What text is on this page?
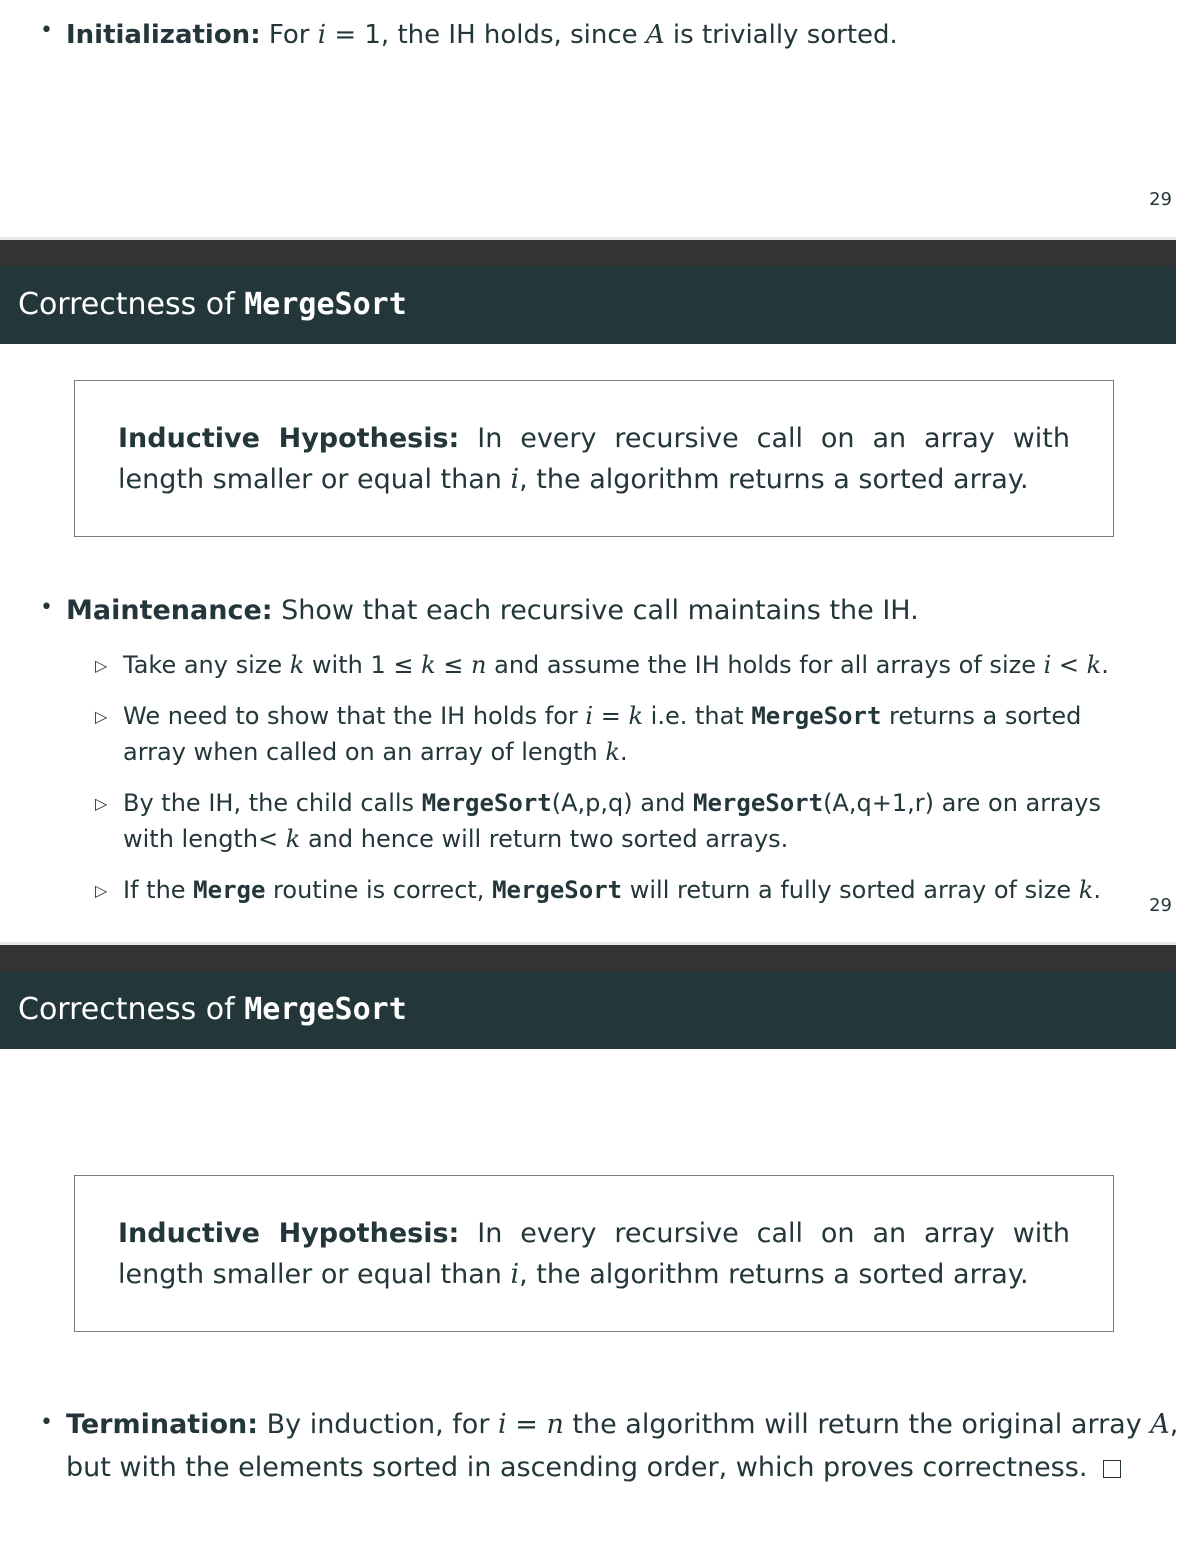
• Initialization: For i = 1, the IH holds, since A is trivially sorted.
29
Correctness of MergeSort
Inductive Hypothesis: In every recursive call on an array with length smaller or equal than i, the algorithm returns a sorted array.
• Maintenance: Show that each recursive call maintains the IH.
▷ Take any size k with 1 ≤ k ≤ n and assume the IH holds for all arrays of size i < k.
▷ We need to show that the IH holds for i = k i.e. that MergeSort returns a sorted
array when called on an array of length k.
▷ By the IH, the child calls MergeSort(A,p,q) and MergeSort(A,q+1,r) are on arrays
with length< k and hence will return two sorted arrays.
▷ If the Merge routine is correct, MergeSort will return a fully sorted array of size k.
29
Correctness of MergeSort
Inductive Hypothesis: In every recursive call on an array with length smaller or equal than i, the algorithm returns a sorted array.
• Termination: By induction, for i = n the algorithm will return the original array A,
but with the elements sorted in ascending order, which proves correctness.
